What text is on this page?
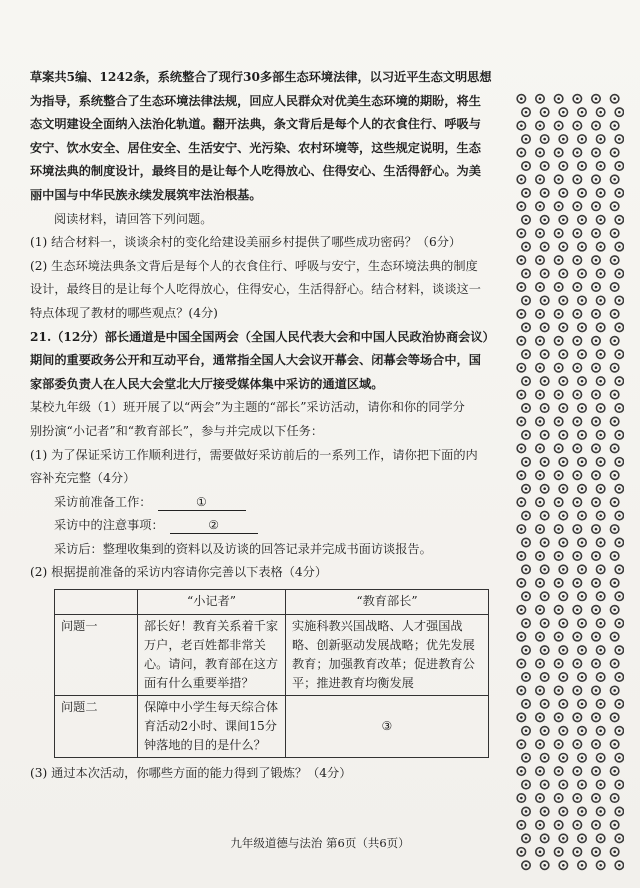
草案共5编、1242条，系统整合了现行30多部生态环境法律，以习近平生态文明思想
为指导，系统整合了生态环境法律法规，回应人民群众对优美生态环境的期盼，将生
态文明建设全面纳入法治化轨道。翻开法典，条文背后是每个人的衣食住行、呼吸与
安宁、饮水安全、居住安全、生活安宁、光污染、农村环境等，这些规定说明，生态
环境法典的制度设计，最终目的是让每个人吃得放心、住得安心、生活得舒心。为美
丽中国与中华民族永续发展筑牢法治根基。
阅读材料，请回答下列问题。
(1) 结合材料一，谈谈余村的变化给建设美丽乡村提供了哪些成功密码？（6分）
(2) 生态环境法典条文背后是每个人的衣食住行、呼吸与安宁，生态环境法典的制度
设计，最终目的是让每个人吃得放心，住得安心，生活得舒心。结合材料，谈谈这一
特点体现了教材的哪些观点？(4分)
21.（12分）部长通道是中国全国两会（全国人民代表大会和中国人民政治协商会议）
期间的重要政务公开和互动平台，通常指全国人大会议开幕会、闭幕会等场合中，国
家部委负责人在人民大会堂北大厅接受媒体集中采访的通道区域。
某校九年级（1）班开展了以“两会”为主题的“部长”采访活动，请你和你的同学分
别扮演“小记者”和“教育部长”，参与并完成以下任务：
(1) 为了保证采访工作顺利进行，需要做好采访前后的一系列工作，请你把下面的内
容补充完整（4分）
采访前准备工作：	①
采访中的注意事项：	②
采访后：整理收集到的资料以及访谈的回答记录并完成书面访谈报告。
(2) 根据提前准备的采访内容请你完善以下表格（4分）
	“小记者”	“教育部长”
问题一	部长好！教育关系着千家万户，老百姓都非常关心。请问，教育部在这方面有什么重要举措？	实施科教兴国战略、人才强国战略、创新驱动发展战略；优先发展教育；加强教育改革；促进教育公平；推进教育均衡发展
问题二	保障中小学生每天综合体育活动2小时、课间15分钟落地的目的是什么？	③
(3) 通过本次活动，你哪些方面的能力得到了锻炼？（4分）
九年级道德与法治 第6页（共6页）
